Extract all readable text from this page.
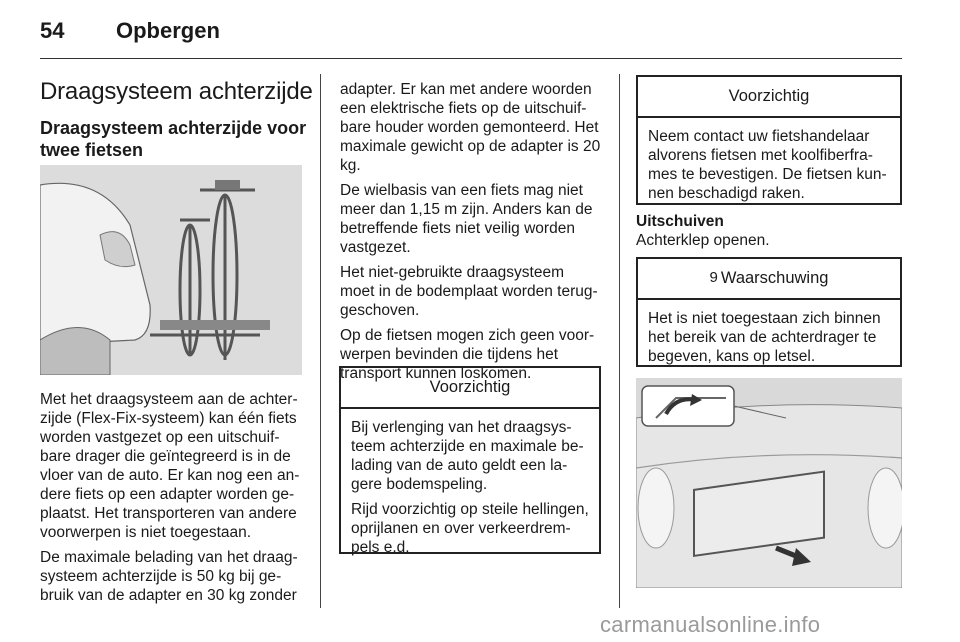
54 Opbergen
Draagsysteem achterzijde
Draagsysteem achterzijde voor twee fietsen

Met het draagsysteem aan de achterzijde (Flex-Fix-systeem) kan één fiets worden vastgezet op een uitschuifbare drager die geïntegreerd is in de vloer van de auto. Er kan nog een andere fiets op een adapter worden geplaatst. Het transporteren van andere voorwerpen is niet toegestaan.

De maximale belading van het draagsysteem achterzijde is 50 kg bij gebruik van de adapter en 30 kg zonder

adapter. Er kan met andere woorden een elektrische fiets op de uitschuifbare houder worden gemonteerd. Het maximale gewicht op de adapter is 20 kg.

De wielbasis van een fiets mag niet meer dan 1,15 m zijn. Anders kan de betreffende fiets niet veilig worden vastgezet.

Het niet-gebruikte draagsysteem moet in de bodemplaat worden teruggeschoven.

Op de fietsen mogen zich geen voorwerpen bevinden die tijdens het transport kunnen loskomen.

Voorzichtig

Bij verlenging van het draagsysteem achterzijde en maximale belading van de auto geldt een lagere bodemspeling.

Rijd voorzichtig op steile hellingen, oprijlanen en over verkeerdrempels e.d.

Voorzichtig

Neem contact uw fietshandelaar alvorens fietsen met koolfiberframes te bevestigen. De fietsen kunnen beschadigd raken.

Uitschuiven
Achterklep openen.
9 Waarschuwing

Het is niet toegestaan zich binnen het bereik van de achterdrager te begeven, kans op letsel.

carmanualsonline.info
